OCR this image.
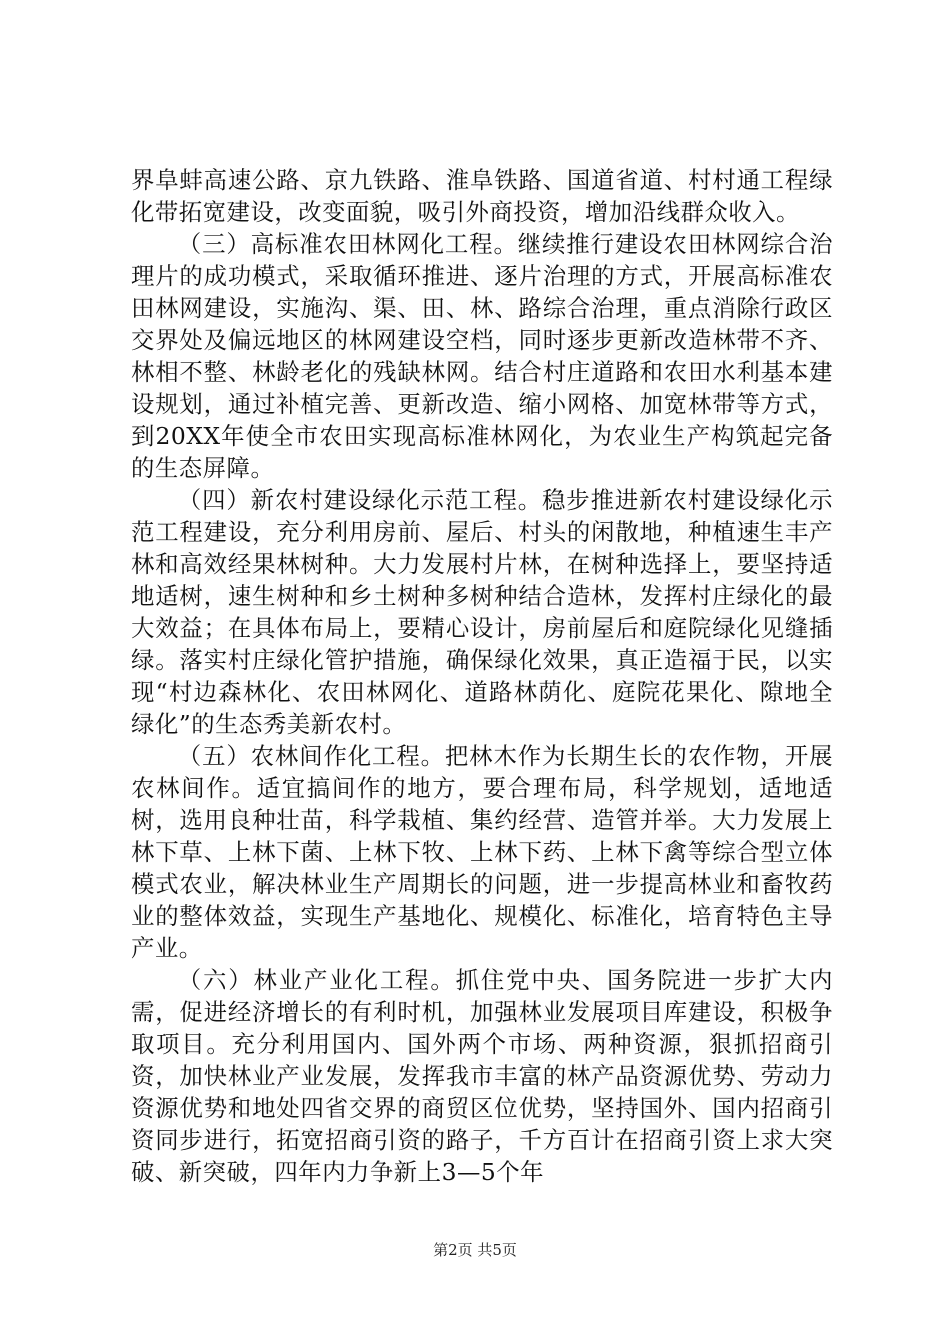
界阜蚌高速公路、京九铁路、淮阜铁路、国道省道、村村通工程绿化带拓宽建设，改变面貌，吸引外商投资，增加沿线群众收入。

（三）高标准农田林网化工程。继续推行建设农田林网综合治理片的成功模式，采取循环推进、逐片治理的方式，开展高标准农田林网建设，实施沟、渠、田、林、路综合治理，重点消除行政区交界处及偏远地区的林网建设空档，同时逐步更新改造林带不齐、林相不整、林龄老化的残缺林网。结合村庄道路和农田水利基本建设规划，通过补植完善、更新改造、缩小网格、加宽林带等方式，到20XX年使全市农田实现高标准林网化，为农业生产构筑起完备的生态屏障。

（四）新农村建设绿化示范工程。稳步推进新农村建设绿化示范工程建设，充分利用房前、屋后、村头的闲散地，种植速生丰产林和高效经果林树种。大力发展村片林，在树种选择上，要坚持适地适树，速生树种和乡土树种多树种结合造林，发挥村庄绿化的最大效益；在具体布局上，要精心设计，房前屋后和庭院绿化见缝插绿。落实村庄绿化管护措施，确保绿化效果，真正造福于民，以实现“村边森林化、农田林网化、道路林荫化、庭院花果化、隙地全绿化”的生态秀美新农村。

（五）农林间作化工程。把林木作为长期生长的农作物，开展农林间作。适宜搞间作的地方，要合理布局，科学规划，适地适树，选用良种壮苗，科学栽植、集约经营、造管并举。大力发展上林下草、上林下菌、上林下牧、上林下药、上林下禽等综合型立体模式农业，解决林业生产周期长的问题，进一步提高林业和畜牧药业的整体效益，实现生产基地化、规模化、标准化，培育特色主导产业。

（六）林业产业化工程。抓住党中央、国务院进一步扩大内需，促进经济增长的有利时机，加强林业发展项目库建设，积极争取项目。充分利用国内、国外两个市场、两种资源，狠抓招商引资，加快林业产业发展，发挥我市丰富的林产品资源优势、劳动力资源优势和地处四省交界的商贸区位优势，坚持国外、国内招商引资同步进行，拓宽招商引资的路子，千方百计在招商引资上求大突破、新突破，四年内力争新上3—5个年

第2页 共5页
